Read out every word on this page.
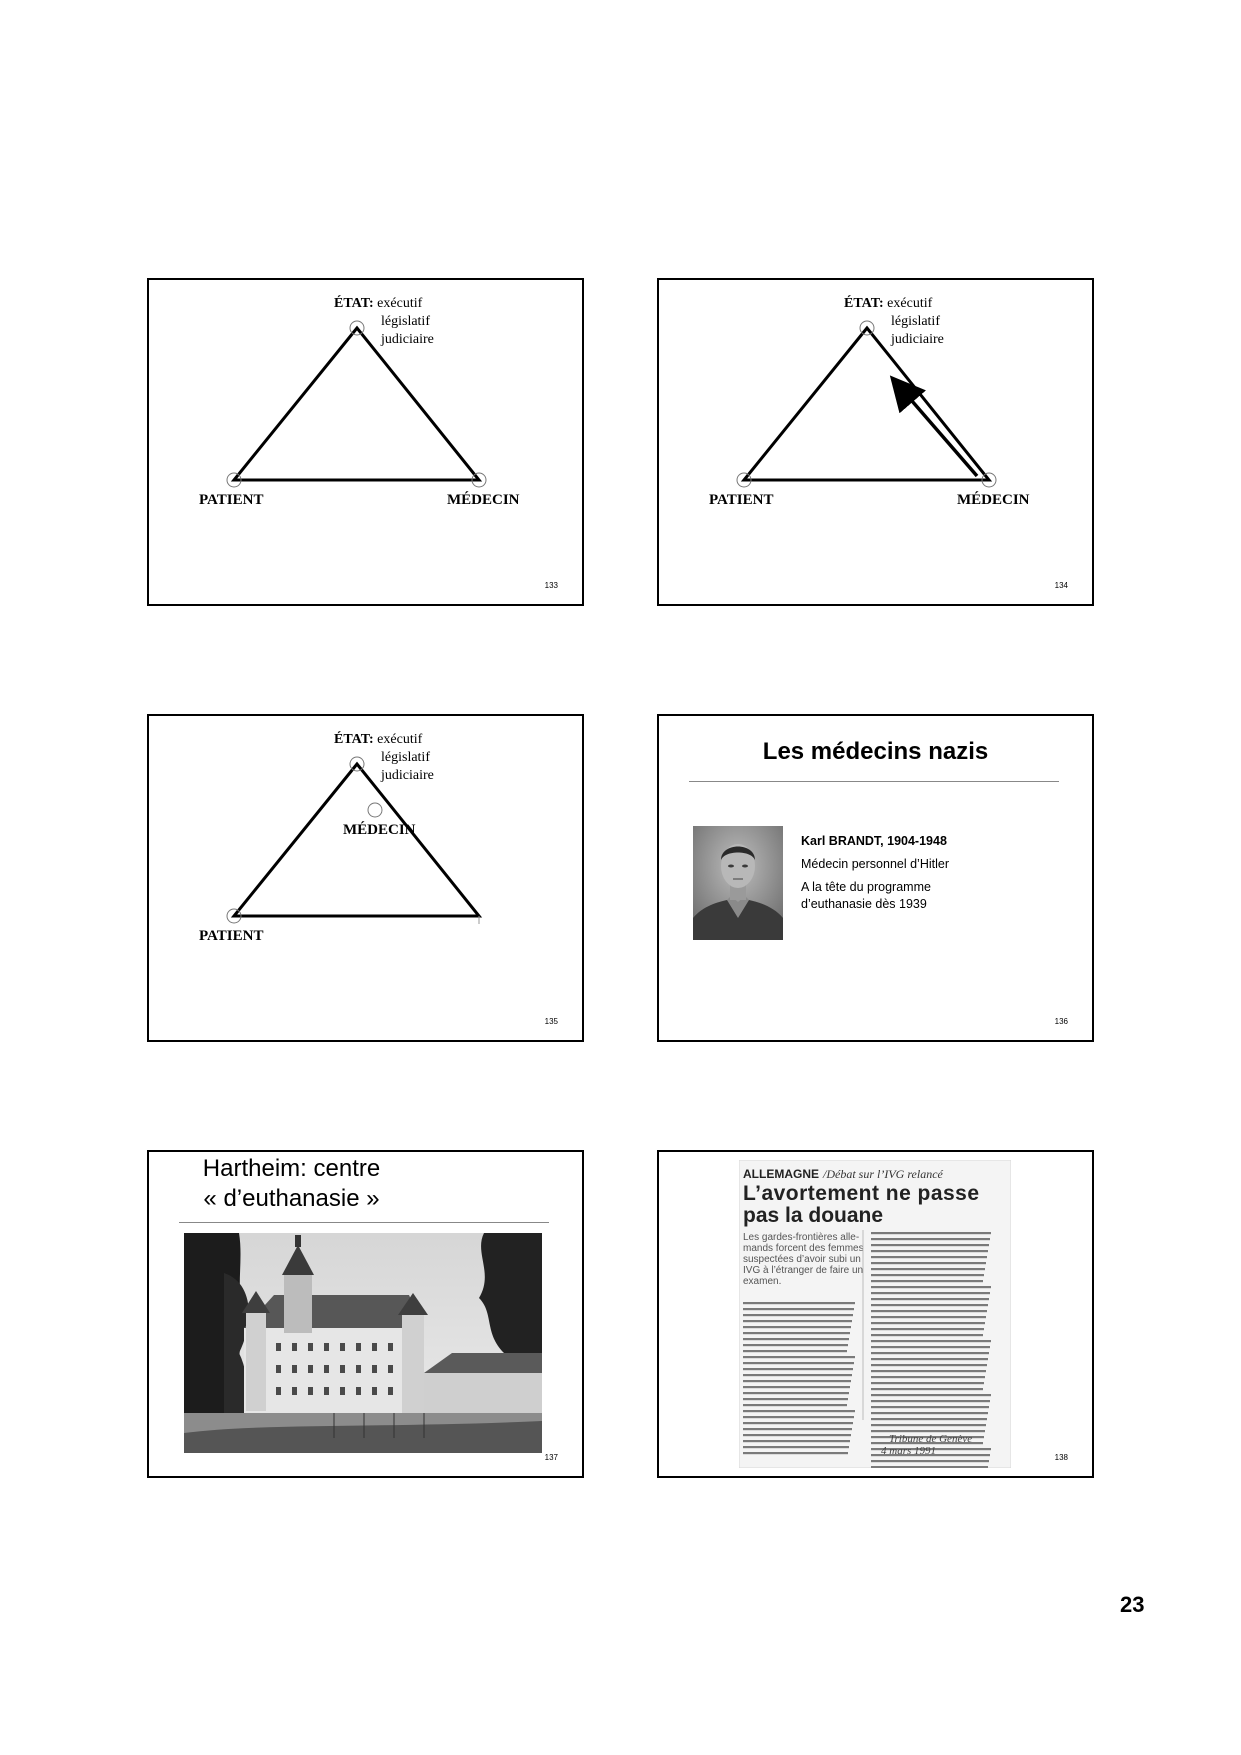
ÉTAT: exécutif
législatif
judiciaire
PATIENT	MÉDECIN
133
ÉTAT: exécutif
législatif
judiciaire
PATIENT	MÉDECIN
134
ÉTAT: exécutif
législatif
judiciaire
MÉDECIN
PATIENT
135
Les médecins nazis
Karl BRANDT, 1904-1948
Médecin personnel d’Hitler
A la tête du programme
d’euthanasie dès 1939
136
Hartheim: centre
« d’euthanasie »
137
ALLEMAGNE /Débat sur l’IVG relancé
L’avortement ne passe
pas la douane
Les gardes-frontières alle-
mands forcent des femmes
suspectées d’avoir subi un
IVG à l’étranger de faire un
examen.
Tribune de Genève
4 mars 1991
138
23
